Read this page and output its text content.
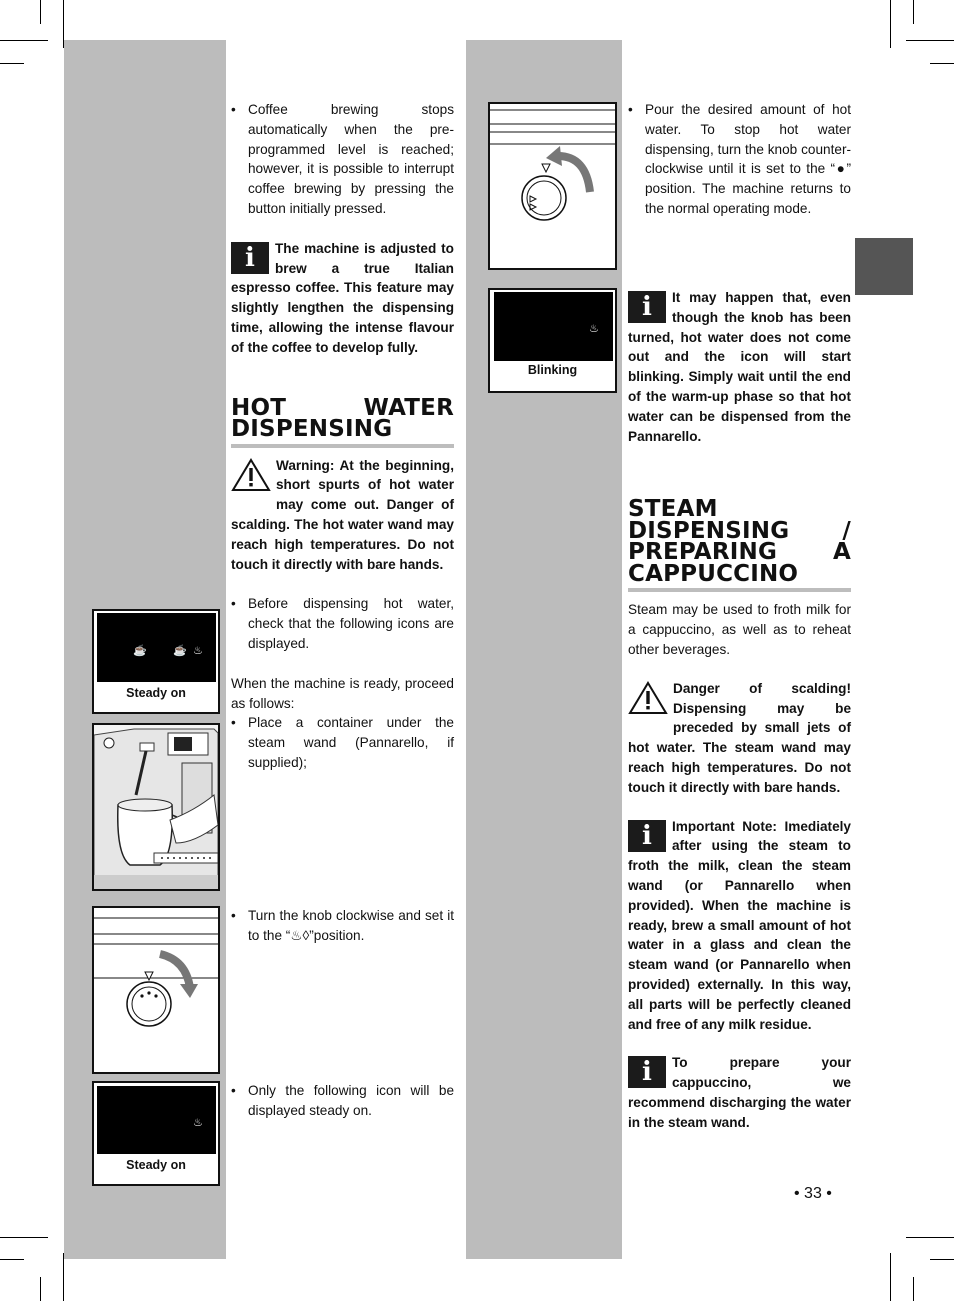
☕ ☕ ♨
Steady on
♨
Steady on
♨
Blinking

• Coffee brewing stops automatically when the pre-programmed level is reached; however, it is possible to interrupt coffee brewing by pressing the button initially pressed.

i	The machine is adjusted to brew a true Italian espresso coffee. This feature may slightly lengthen the dispensing time, allowing the intense flavour of the coffee to develop fully.
HOT WATER DISPENSING
Warning: At the beginning, short spurts of hot water may come out. Danger of scalding. The hot water wand may reach high temperatures. Do not touch it directly with bare hands.

• Before dispensing hot water, check that the following icons are displayed.

When the machine is ready, proceed as follows:

• Place a container under the steam wand (Pannarello, if supplied);

• Turn the knob clockwise and set it to the “♨◊”position.

• Only the following icon will be displayed steady on.

• Pour the desired amount of hot water. To stop hot water dispensing, turn the knob counter-clockwise until it is set to the “●” position. The machine returns to the normal operating mode.

i	It may happen that, even though the knob has been turned, hot water does not come out and the icon will start blinking. Simply wait until the end of the warm-up phase so that hot water can be dispensed from the Pannarello.
STEAM DISPENSING / PREPARING A CAPPUCCINO

Steam may be used to froth milk for a cappuccino, as well as to reheat other beverages.

Danger of scalding! Dispensing may be preceded by small jets of hot water. The steam wand may reach high temperatures. Do not touch it directly with bare hands.
i	Important Note: Imediately after using the steam to froth the milk, clean the steam wand (or Pannarello when provided). When the machine is ready, brew a small amount of hot water in a glass and clean the steam wand (or Pannarello when provided) externally. In this way, all parts will be perfectly cleaned and free of any milk residue.
i	To prepare your cappuccino, we recommend discharging the water in the steam wand.
• 33 •
